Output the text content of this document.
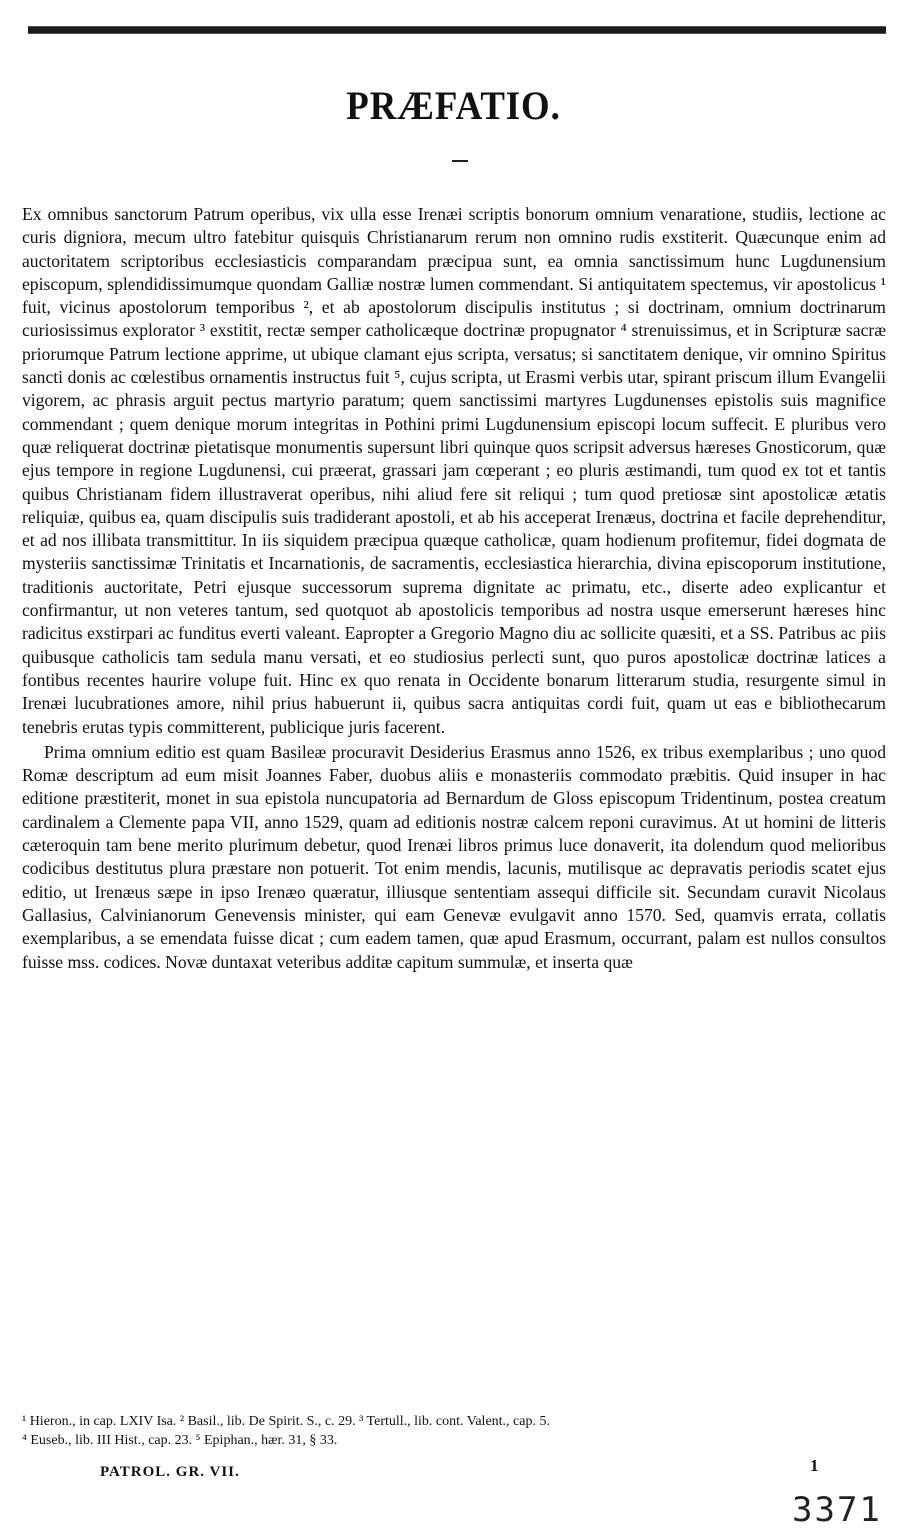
PRÆFATIO.

Ex omnibus sanctorum Patrum operibus, vix ulla esse Irenæi scriptis bonorum omnium venaratione, studiis, lectione ac curis digniora, mecum ultro fatebitur quisquis Christianarum rerum non omnino rudis exstiterit. Quæcunque enim ad auctoritatem scriptoribus ecclesiasticis comparandam præcipua sunt, ea omnia sanctissimum hunc Lugdunensium episcopum, splendidissimumque quondam Galliæ nostræ lumen commendant. Si antiquitatem spectemus, vir apostolicus ¹ fuit, vicinus apostolorum temporibus ², et ab apostolorum discipulis institutus ; si doctrinam, omnium doctrinarum curiosissimus explorator ³ exstitit, rectæ semper catholicæque doctrinæ propugnator ⁴ strenuissimus, et in Scripturæ sacræ priorumque Patrum lectione apprime, ut ubique clamant ejus scripta, versatus; si sanctitatem denique, vir omnino Spiritus sancti donis ac cœlestibus ornamentis instructus fuit ⁵, cujus scripta, ut Erasmi verbis utar, spirant priscum illum Evangelii vigorem, ac phrasis arguit pectus martyrio paratum; quem sanctissimi martyres Lugdunenses epistolis suis magnifice commendant ; quem denique morum integritas in Pothini primi Lugdunensium episcopi locum suffecit. E pluribus vero quæ reliquerat doctrinæ pietatisque monumentis supersunt libri quinque quos scripsit adversus hæreses Gnosticorum, quæ ejus tempore in regione Lugdunensi, cui præerat, grassari jam cœperant ; eo pluris æstimandi, tum quod ex tot et tantis quibus Christianam fidem illustraverat operibus, nihi aliud fere sit reliqui ; tum quod pretiosæ sint apostolicæ ætatis reliquiæ, quibus ea, quam discipulis suis tradiderant apostoli, et ab his acceperat Irenæus, doctrina et facile deprehenditur, et ad nos illibata transmittitur. In iis siquidem præcipua quæque catholicæ, quam hodienum profitemur, fidei dogmata de mysteriis sanctissimæ Trinitatis et Incarnationis, de sacramentis, ecclesiastica hierarchia, divina episcoporum institutione, traditionis auctoritate, Petri ejusque successorum suprema dignitate ac primatu, etc., diserte adeo explicantur et confirmantur, ut non veteres tantum, sed quotquot ab apostolicis temporibus ad nostra usque emerserunt hæreses hinc radicitus exstirpari ac funditus everti valeant. Eapropter a Gregorio Magno diu ac sollicite quæsiti, et a SS. Patribus ac piis quibusque catholicis tam sedula manu versati, et eo studiosius perlecti sunt, quo puros apostolicæ doctrinæ latices a fontibus recentes haurire volupe fuit. Hinc ex quo renata in Occidente bonarum litterarum studia, resurgente simul in Irenæi lucubrationes amore, nihil prius habuerunt ii, quibus sacra antiquitas cordi fuit, quam ut eas e bibliothecarum tenebris erutas typis committerent, publicique juris facerent.

Prima omnium editio est quam Basileæ procuravit Desiderius Erasmus anno 1526, ex tribus exemplaribus ; uno quod Romæ descriptum ad eum misit Joannes Faber, duobus aliis e monasteriis commodato præbitis. Quid insuper in hac editione præstiterit, monet in sua epistola nuncupatoria ad Bernardum de Gloss episcopum Tridentinum, postea creatum cardinalem a Clemente papa VII, anno 1529, quam ad editionis nostræ calcem reponi curavimus. At ut homini de litteris cæteroquin tam bene merito plurimum debetur, quod Irenæi libros primus luce donaverit, ita dolendum quod melioribus codicibus destitutus plura præstare non potuerit. Tot enim mendis, lacunis, mutilisque ac depravatis periodis scatet ejus editio, ut Irenæus sæpe in ipso Irenæo quæratur, illiusque sententiam assequi difficile sit. Secundam curavit Nicolaus Gallasius, Calvinianorum Genevensis minister, qui eam Genevæ evulgavit anno 1570. Sed, quamvis errata, collatis exemplaribus, a se emendata fuisse dicat ; cum eadem tamen, quæ apud Erasmum, occurrant, palam est nullos consultos fuisse mss. codices. Novæ duntaxat veteribus additæ capitum summulæ, et inserta quæ

¹ Hieron., in cap. LXIV Isa. ² Basil., lib. De Spirit. S., c. 29. ³ Tertull., lib. cont. Valent., cap. 5.
⁴ Euseb., lib. III Hist., cap. 23. ⁵ Epiphan., hær. 31, § 33.
PATROL. GR. VII.	1
3371
